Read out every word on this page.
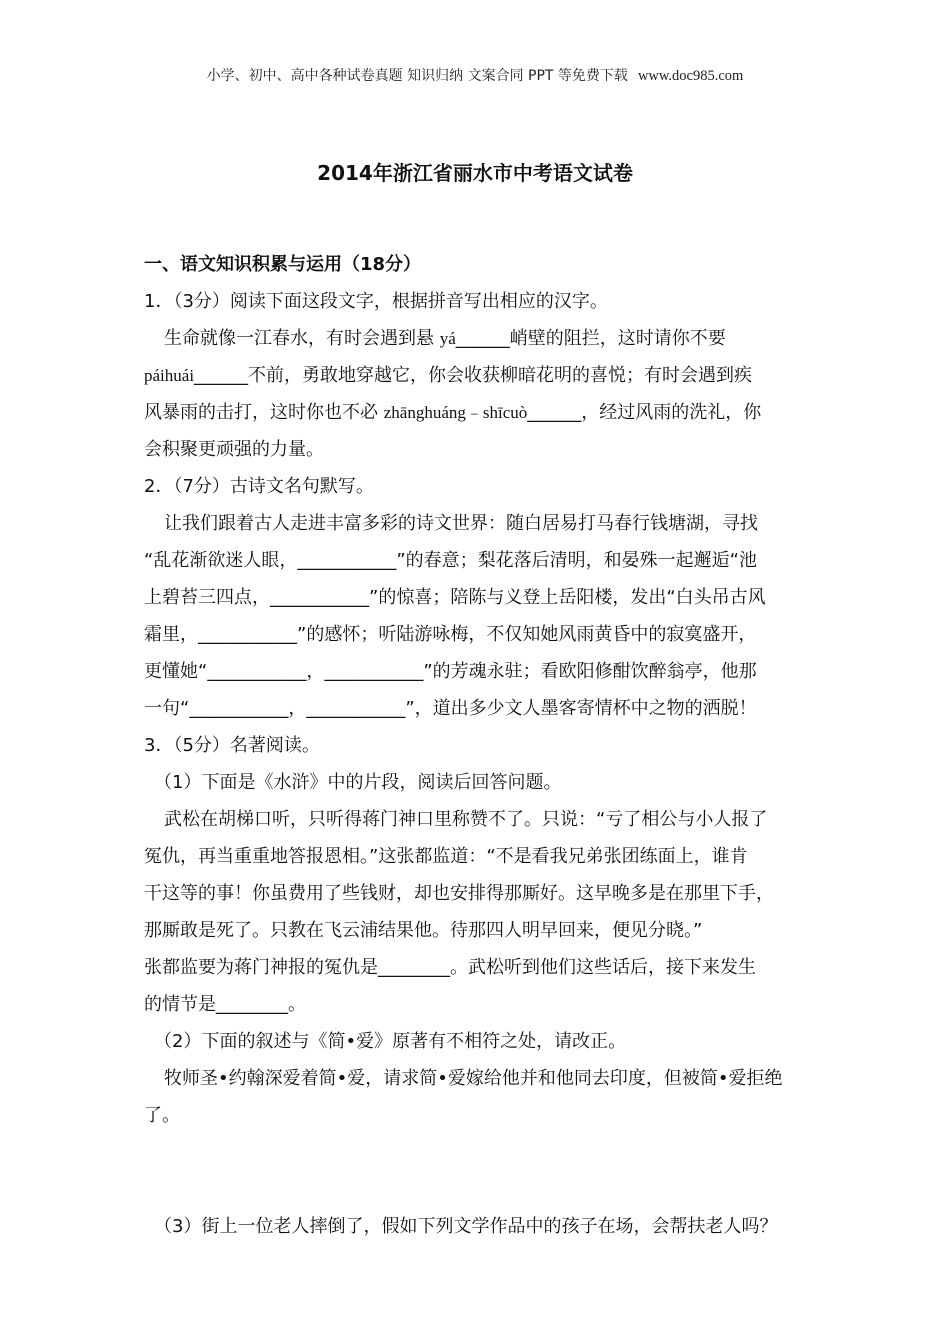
小学、初中、高中各种试卷真题 知识归纳 文案合同 PPT 等免费下载 www.doc985.com
2014年浙江省丽水市中考语文试卷
一、语文知识积累与运用（18分）
1．（3分）阅读下面这段文字，根据拼音写出相应的汉字。
生命就像一江春水，有时会遇到悬 yá______峭壁的阻拦，这时请你不要
páihuái______不前，勇敢地穿越它，你会收获柳暗花明的喜悦；有时会遇到疾
风暴雨的击打，这时你也不必 zhānghuáng﹣shīcuò______，经过风雨的洗礼，你
会积聚更顽强的力量。
2．（7分）古诗文名句默写。
让我们跟着古人走进丰富多彩的诗文世界：随白居易打马春行钱塘湖，寻找
“乱花渐欲迷人眼，___________”的春意；梨花落后清明，和晏殊一起邂逅“池
上碧苔三四点，___________”的惊喜；陪陈与义登上岳阳楼，发出“白头吊古风
霜里，___________”的感怀；听陆游咏梅，不仅知她风雨黄昏中的寂寞盛开，
更懂她“___________，___________”的芳魂永驻；看欧阳修酣饮醉翁亭，他那
一句“___________，___________”，道出多少文人墨客寄情杯中之物的洒脱！
3．（5分）名著阅读。
（1）下面是《水浒》中的片段，阅读后回答问题。
武松在胡梯口听，只听得蒋门神口里称赞不了。只说：“亏了相公与小人报了
冤仇，再当重重地答报恩相。”这张都监道：“不是看我兄弟张团练面上，谁肯
干这等的事！你虽费用了些钱财，却也安排得那厮好。这早晚多是在那里下手，
那厮敢是死了。只教在飞云浦结果他。待那四人明早回来，便见分晓。”
张都监要为蒋门神报的冤仇是________。武松听到他们这些话后，接下来发生
的情节是________。
（2）下面的叙述与《简•爱》原著有不相符之处，请改正。
牧师圣•约翰深爱着简•爱，请求简•爱嫁给他并和他同去印度，但被简•爱拒绝
了。
（3）街上一位老人摔倒了，假如下列文学作品中的孩子在场，会帮扶老人吗？
